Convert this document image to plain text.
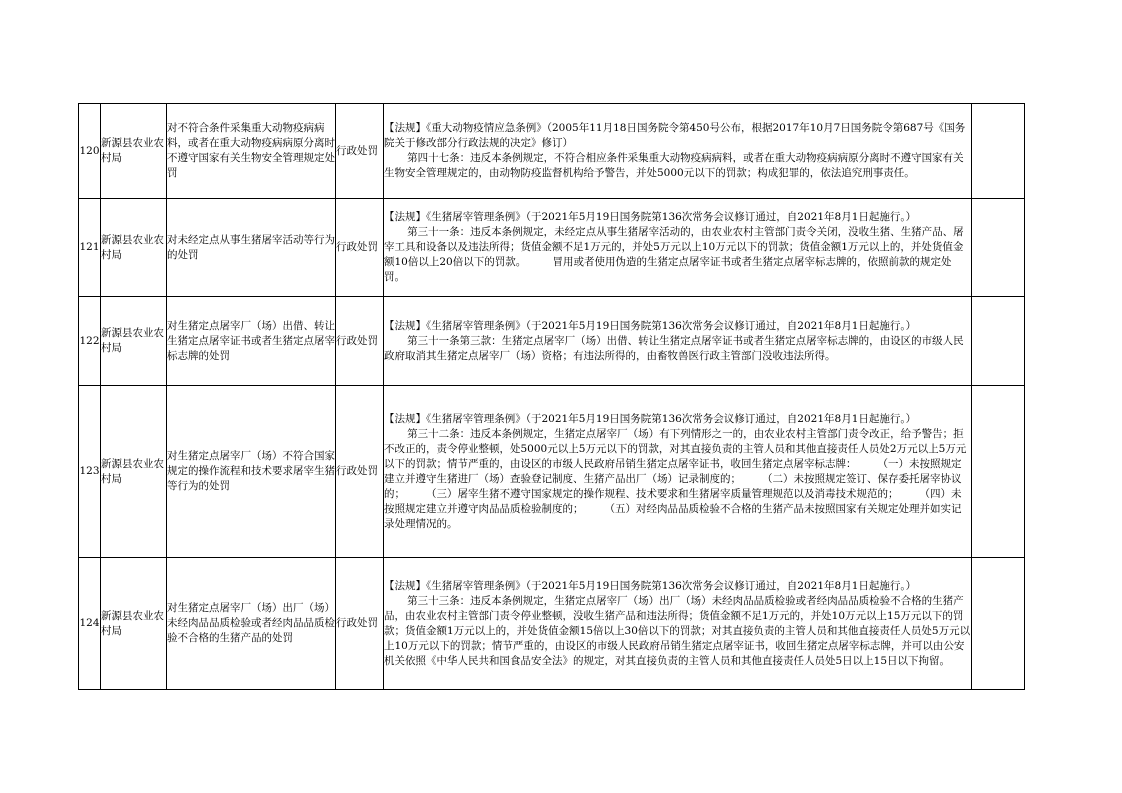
120	新源县农业农村局	对不符合条件采集重大动物疫病病料，或者在重大动物疫病病原分离时不遵守国家有关生物安全管理规定处罚	行政处罚	【法规】《重大动物疫情应急条例》（2005年11月18日国务院令第450号公布，根据2017年10月7日国务院令第687号《国务院关于修改部分行政法规的决定》修订）

第四十七条：违反本条例规定，不符合相应条件采集重大动物疫病病料，或者在重大动物疫病病原分离时不遵守国家有关生物安全管理规定的，由动物防疫监督机构给予警告，并处5000元以下的罚款；构成犯罪的，依法追究刑事责任。	

121	新源县农业农村局	对未经定点从事生猪屠宰活动等行为的处罚	行政处罚	【法规】《生猪屠宰管理条例》（于2021年5月19日国务院第136次常务会议修订通过，自2021年8月1日起施行。）

第三十一条：违反本条例规定，未经定点从事生猪屠宰活动的，由农业农村主管部门责令关闭，没收生猪、生猪产品、屠宰工具和设备以及违法所得；货值金额不足1万元的，并处5万元以上10万元以下的罚款；货值金额1万元以上的，并处货值金额10倍以上20倍以下的罚款。　　　冒用或者使用伪造的生猪定点屠宰证书或者生猪定点屠宰标志牌的，依照前款的规定处罚。	

122	新源县农业农村局	对生猪定点屠宰厂（场）出借、转让生猪定点屠宰证书或者生猪定点屠宰标志牌的处罚	行政处罚	【法规】《生猪屠宰管理条例》（于2021年5月19日国务院第136次常务会议修订通过，自2021年8月1日起施行。）

第三十一条第三款：生猪定点屠宰厂（场）出借、转让生猪定点屠宰证书或者生猪定点屠宰标志牌的，由设区的市级人民政府取消其生猪定点屠宰厂（场）资格；有违法所得的，由畜牧兽医行政主管部门没收违法所得。	

123	新源县农业农村局	对生猪定点屠宰厂（场）不符合国家规定的操作流程和技术要求屠宰生猪等行为的处罚	行政处罚	【法规】《生猪屠宰管理条例》（于2021年5月19日国务院第136次常务会议修订通过，自2021年8月1日起施行。）

第三十二条：违反本条例规定，生猪定点屠宰厂（场）有下列情形之一的，由农业农村主管部门责令改正，给予警告；拒不改正的，责令停业整顿，处5000元以上5万元以下的罚款，对其直接负责的主管人员和其他直接责任人员处2万元以上5万元以下的罚款；情节严重的，由设区的市级人民政府吊销生猪定点屠宰证书，收回生猪定点屠宰标志牌：　　　（一）未按照规定建立并遵守生猪进厂（场）查验登记制度、生猪产品出厂（场）记录制度的；　　　（二）未按照规定签订、保存委托屠宰协议的；　　　（三）屠宰生猪不遵守国家规定的操作规程、技术要求和生猪屠宰质量管理规范以及消毒技术规范的；　　　（四）未按照规定建立并遵守肉品品质检验制度的；　　　（五）对经肉品品质检验不合格的生猪产品未按照国家有关规定处理并如实记录处理情况的。	

124	新源县农业农村局	对生猪定点屠宰厂（场）出厂（场）未经肉品品质检验或者经肉品品质检验不合格的生猪产品的处罚	行政处罚	【法规】《生猪屠宰管理条例》（于2021年5月19日国务院第136次常务会议修订通过，自2021年8月1日起施行。）

第三十三条：违反本条例规定，生猪定点屠宰厂（场）出厂（场）未经肉品品质检验或者经肉品品质检验不合格的生猪产品，由农业农村主管部门责令停业整顿，没收生猪产品和违法所得；货值金额不足1万元的，并处10万元以上15万元以下的罚款；货值金额1万元以上的，并处货值金额15倍以上30倍以下的罚款；对其直接负责的主管人员和其他直接责任人员处5万元以上10万元以下的罚款；情节严重的，由设区的市级人民政府吊销生猪定点屠宰证书，收回生猪定点屠宰标志牌，并可以由公安机关依照《中华人民共和国食品安全法》的规定，对其直接负责的主管人员和其他直接责任人员处5日以上15日以下拘留。	
